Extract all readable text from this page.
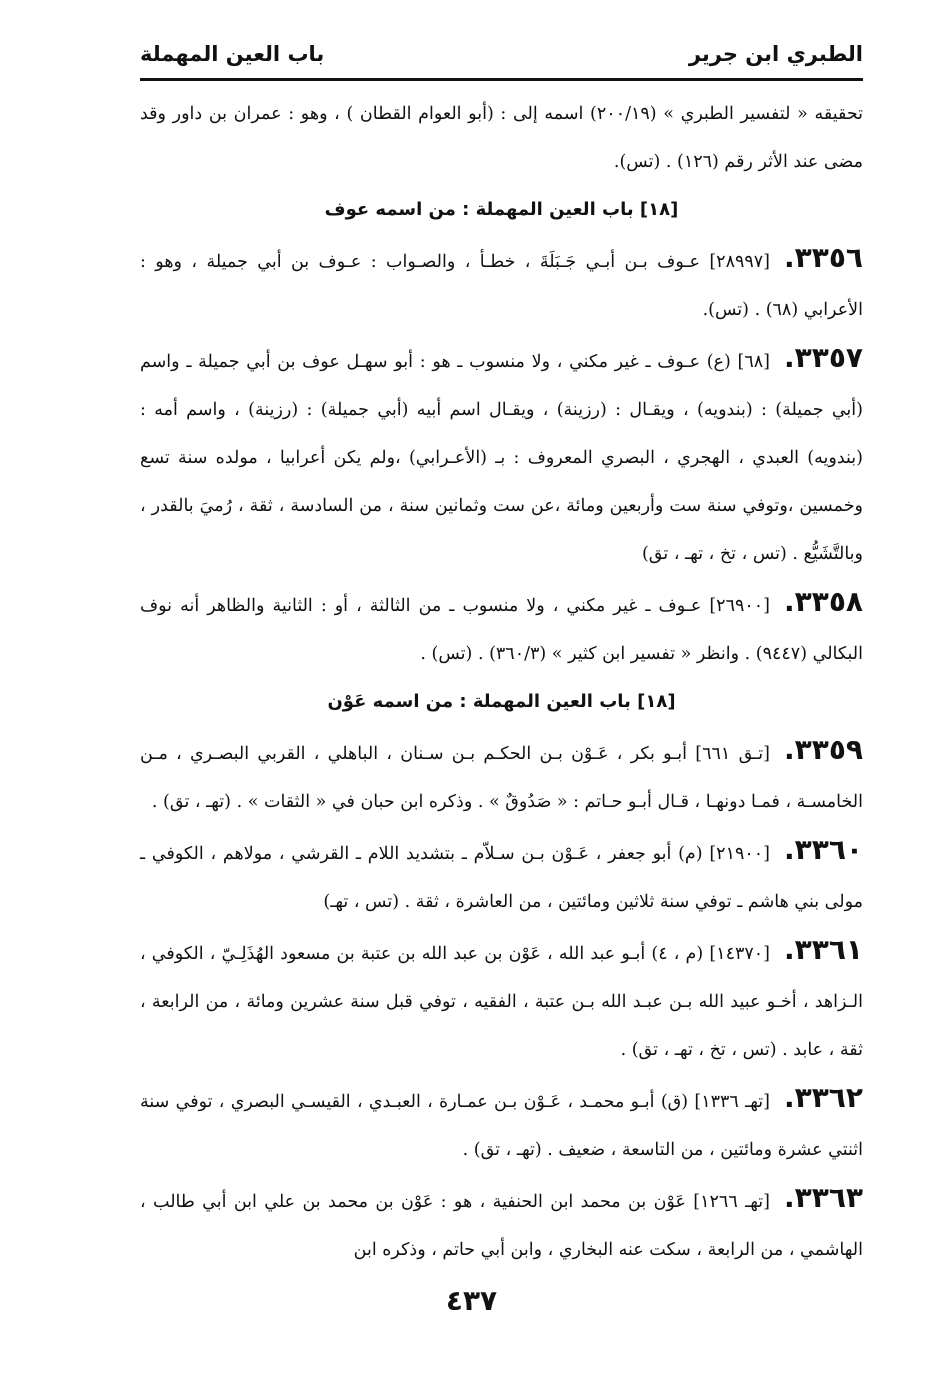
الطبري ابن جرير
باب العين المهملة

تحقيقه « لتفسير الطبري » (٢٠٠/١٩) اسمه إلى : (أبو العوام القطان ) ، وهو : عمران بن داور وقد مضى عند الأثر رقم (١٢٦) . (تس).

[١٨] باب العين المهملة : من اسمه عوف

٣٣٥٦.[٢٨٩٩٧] عـوف بـن أبـي جَـبَلَةَ ، خطـأ ، والصـواب : عـوف بن أبي جميلة ، وهو : الأعرابي (٦٨) . (تس).

٣٣٥٧.[٦٨] (ع) عـوف ـ غير مكني ، ولا منسوب ـ هو : أبو سهـل عوف بن أبي جميلة ـ واسم (أبي جميلة) : (بندويه) ، ويقـال : (رزينة) ، ويقـال اسم أبيه (أبي جميلة) : (رزينة) ، واسم أمه : (بندويه) العبدي ، الهجري ، البصري المعروف : بـ (الأعـرابي) ،ولم يكن أعرابيا ، مولده سنة تسع وخمسين ،وتوفي سنة ست وأربعين ومائة ،عن ست وثمانين سنة ، من السادسة ، ثقة ، رُميَ بالقدر ، وبالتَّشَيُّع . (تس ، تخ ، تهـ ، تق)

٣٣٥٨.[٢٦٩٠٠] عـوف ـ غير مكني ، ولا منسوب ـ من الثالثة ، أو : الثانية والظاهر أنه نوف البكالي (٩٤٤٧) . وانظر « تفسير ابن كثير » (٣٦٠/٣) . (تس) .

[١٨] باب العين المهملة : من اسمه عَوْن

٣٣٥٩.[تـق ٦٦١] أبـو بكر ، عَـوْن بـن الحكـم بـن سـنان ، الباهلي ، القربي البصـري ، مـن الخامسـة ، فمـا دونهـا ، قـال أبـو حـاتم : « صَدُوقٌ » . وذكره ابن حبان في « الثقات » . (تهـ ، تق) .

٣٣٦٠.[٢١٩٠٠] (م) أبو جعفر ، عَـوْن بـن سـلاّم ـ بتشديد اللام ـ القرشي ، مولاهم ، الكوفي ـ مولى بني هاشم ـ توفي سنة ثلاثين ومائتين ، من العاشرة ، ثقة . (تس ، تهـ)

٣٣٦١.[١٤٣٧٠] (م ، ٤) أبـو عبد الله ، عَوْن بن عبد الله بن عتبة بن مسعود الهُذَلِـيّ ، الكوفي ، الـزاهد ، أخـو عبيد الله بـن عبـد الله بـن عتبة ، الفقيه ، توفي قبل سنة عشرين ومائة ، من الرابعة ، ثقة ، عابد . (تس ، تخ ، تهـ ، تق) .

٣٣٦٢.[تهـ ١٣٣٦] (ق) أبـو محمـد ، عَـوْن بـن عمـارة ، العبـدي ، القيسـي البصري ، توفي سنة اثنتي عشرة ومائتين ، من التاسعة ، ضعيف . (تهـ ، تق) .

٣٣٦٣.[تهـ ١٢٦٦] عَوْن بن محمد ابن الحنفية ، هو : عَوْن بن محمد بن علي ابن أبي طالب ، الهاشمي ، من الرابعة ، سكت عنه البخاري ، وابن أبي حاتم ، وذكره ابن

٤٣٧
